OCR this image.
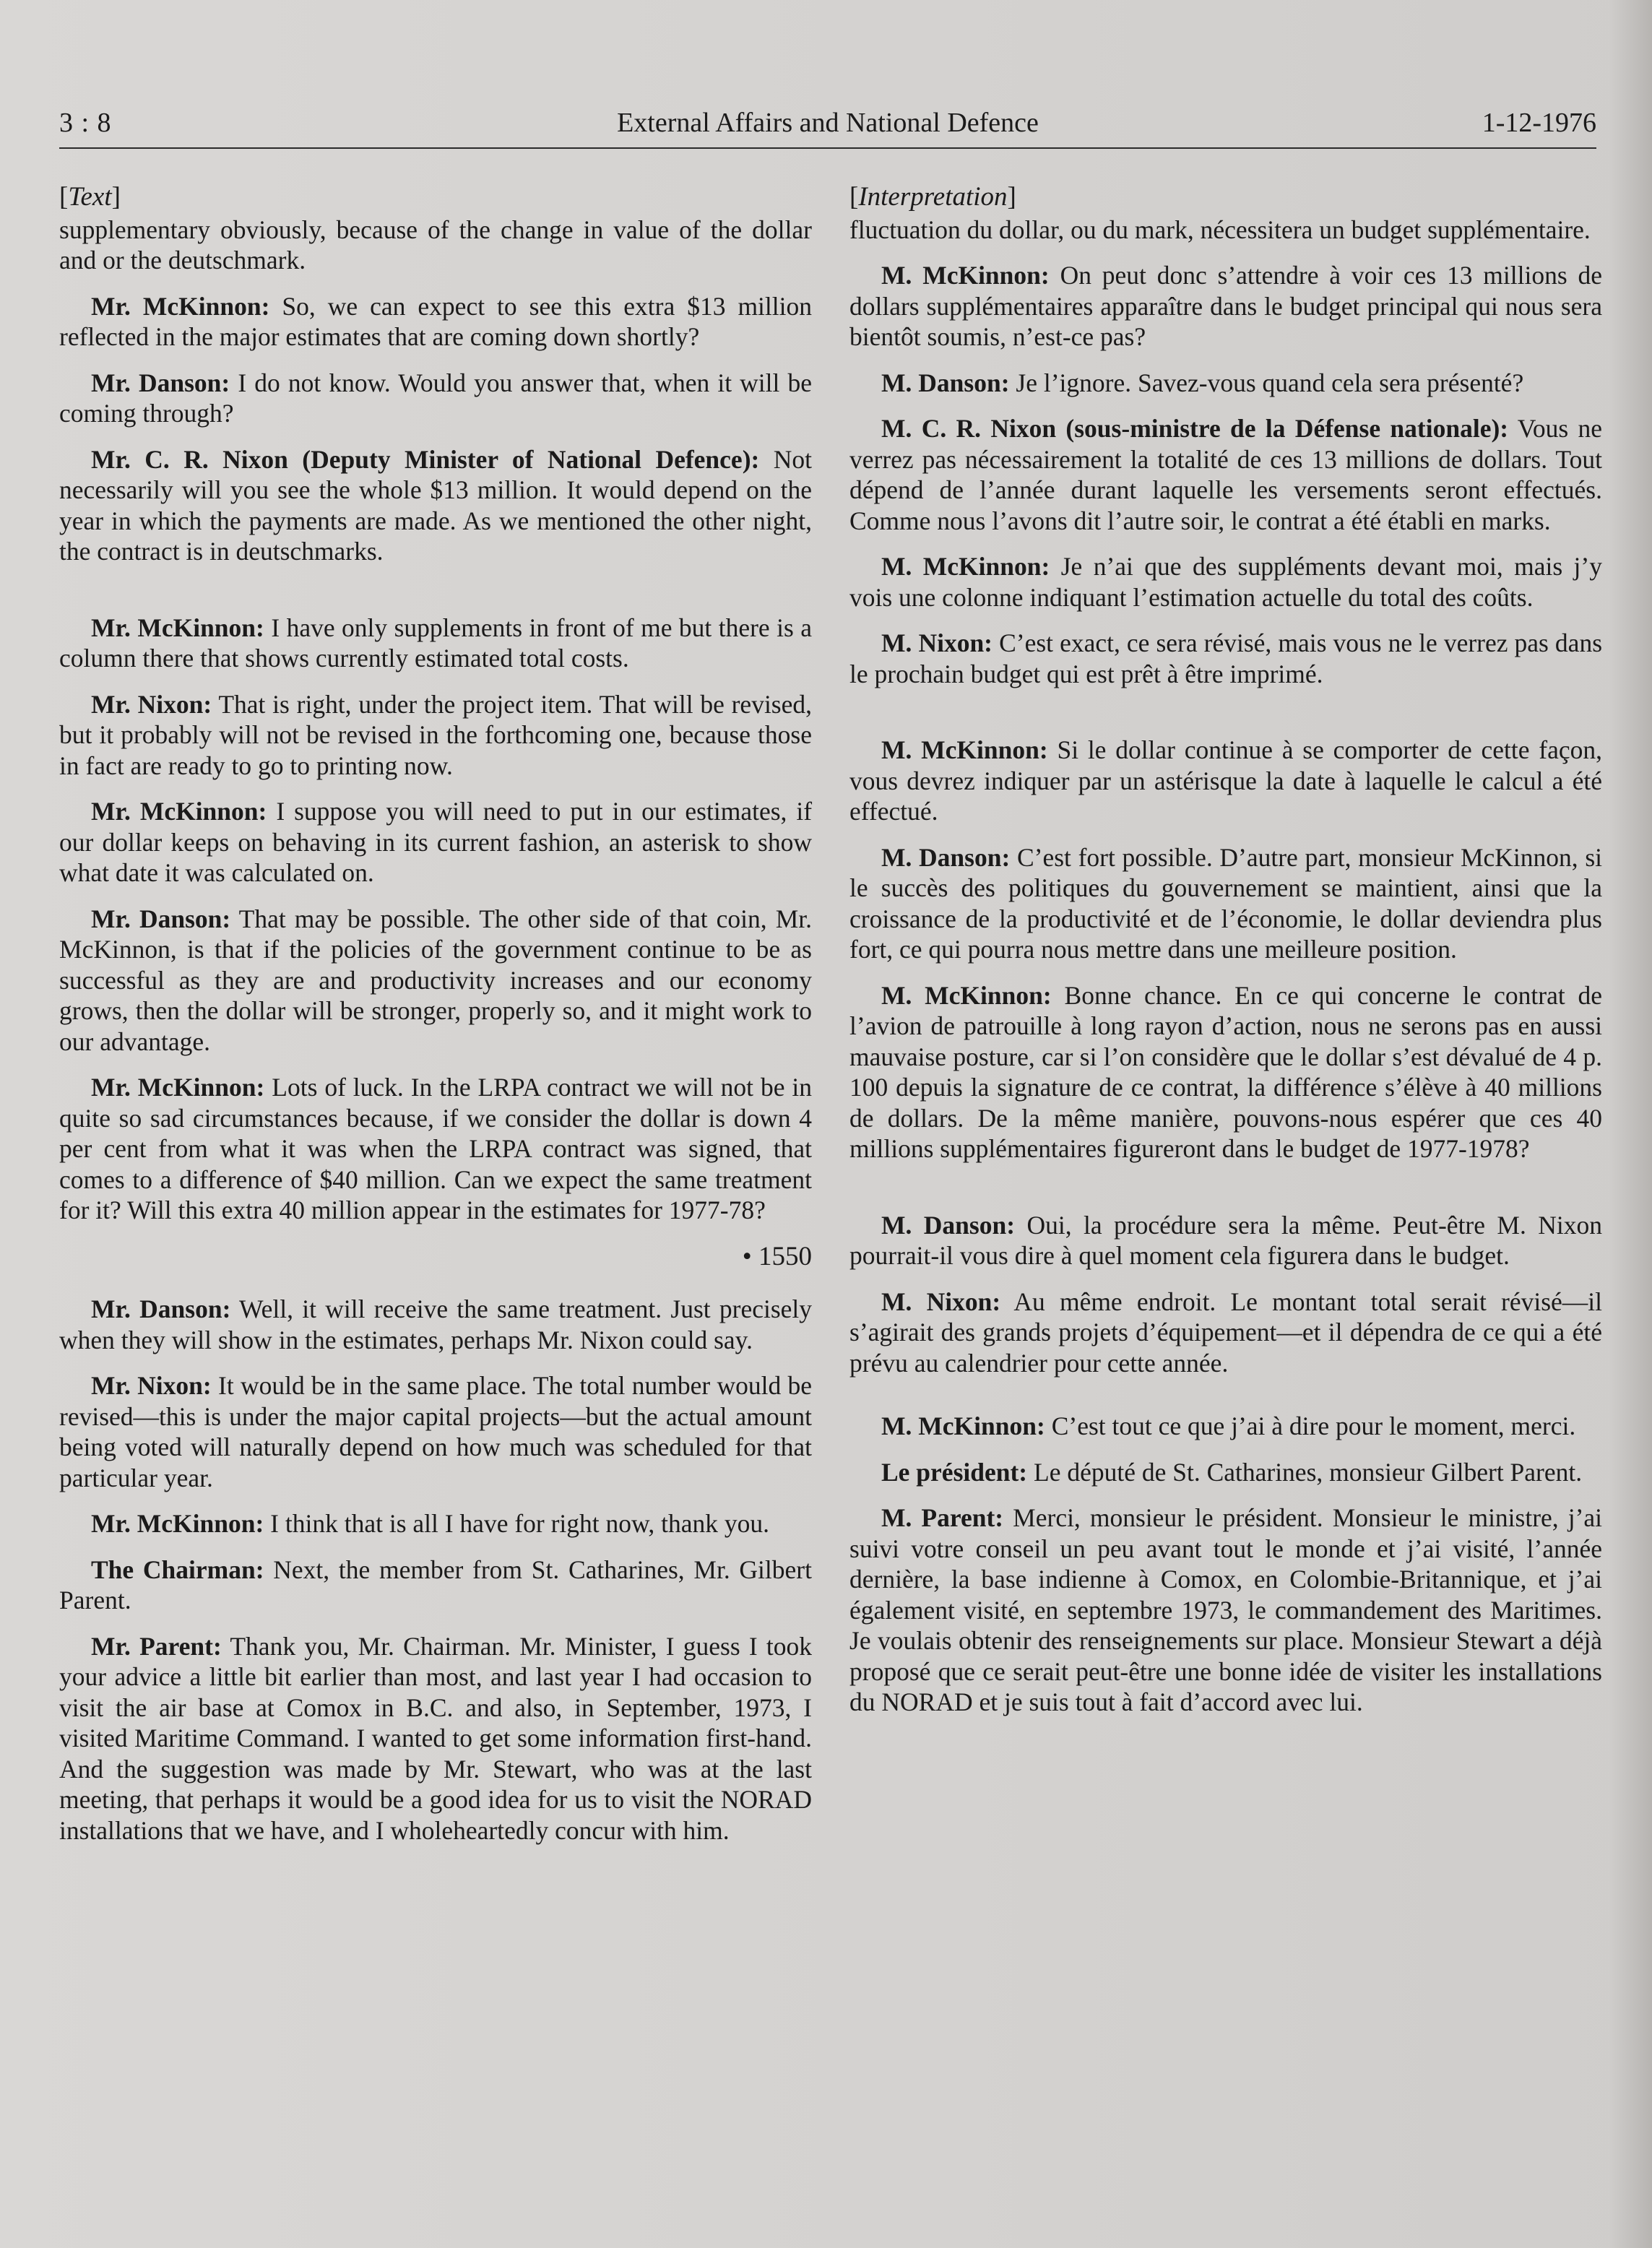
3 : 8	External Affairs and National Defence	1-12-1976
[Text]

supplementary obviously, because of the change in value of the dollar and or the deutschmark.

Mr. McKinnon: So, we can expect to see this extra $13 million reflected in the major estimates that are coming down shortly?

Mr. Danson: I do not know. Would you answer that, when it will be coming through?

Mr. C. R. Nixon (Deputy Minister of National Defence): Not necessarily will you see the whole $13 million. It would depend on the year in which the payments are made. As we mentioned the other night, the contract is in deutschmarks.

Mr. McKinnon: I have only supplements in front of me but there is a column there that shows currently estimated total costs.

Mr. Nixon: That is right, under the project item. That will be revised, but it probably will not be revised in the forthcoming one, because those in fact are ready to go to printing now.

Mr. McKinnon: I suppose you will need to put in our estimates, if our dollar keeps on behaving in its current fashion, an asterisk to show what date it was calculated on.

Mr. Danson: That may be possible. The other side of that coin, Mr. McKinnon, is that if the policies of the government continue to be as successful as they are and productivity increases and our economy grows, then the dollar will be stronger, properly so, and it might work to our advantage.

Mr. McKinnon: Lots of luck. In the LRPA contract we will not be in quite so sad circumstances because, if we consider the dollar is down 4 per cent from what it was when the LRPA contract was signed, that comes to a difference of $40 million. Can we expect the same treatment for it? Will this extra 40 million appear in the estimates for 1977-78?

• 1550

Mr. Danson: Well, it will receive the same treatment. Just precisely when they will show in the estimates, perhaps Mr. Nixon could say.

Mr. Nixon: It would be in the same place. The total number would be revised—this is under the major capital projects—but the actual amount being voted will naturally depend on how much was scheduled for that particular year.

Mr. McKinnon: I think that is all I have for right now, thank you.

The Chairman: Next, the member from St. Catharines, Mr. Gilbert Parent.

Mr. Parent: Thank you, Mr. Chairman. Mr. Minister, I guess I took your advice a little bit earlier than most, and last year I had occasion to visit the air base at Comox in B.C. and also, in September, 1973, I visited Maritime Command. I wanted to get some information first-hand. And the suggestion was made by Mr. Stewart, who was at the last meeting, that perhaps it would be a good idea for us to visit the NORAD installations that we have, and I wholeheartedly concur with him.

[Interpretation]

fluctuation du dollar, ou du mark, nécessitera un budget supplémentaire.

M. McKinnon: On peut donc s’attendre à voir ces 13 millions de dollars supplémentaires apparaître dans le budget principal qui nous sera bientôt soumis, n’est-ce pas?

M. Danson: Je l’ignore. Savez-vous quand cela sera présenté?

M. C. R. Nixon (sous-ministre de la Défense nationale): Vous ne verrez pas nécessairement la totalité de ces 13 millions de dollars. Tout dépend de l’année durant laquelle les versements seront effectués. Comme nous l’avons dit l’autre soir, le contrat a été établi en marks.

M. McKinnon: Je n’ai que des suppléments devant moi, mais j’y vois une colonne indiquant l’estimation actuelle du total des coûts.

M. Nixon: C’est exact, ce sera révisé, mais vous ne le verrez pas dans le prochain budget qui est prêt à être imprimé.

M. McKinnon: Si le dollar continue à se comporter de cette façon, vous devrez indiquer par un astérisque la date à laquelle le calcul a été effectué.

M. Danson: C’est fort possible. D’autre part, monsieur McKinnon, si le succès des politiques du gouvernement se maintient, ainsi que la croissance de la productivité et de l’économie, le dollar deviendra plus fort, ce qui pourra nous mettre dans une meilleure position.

M. McKinnon: Bonne chance. En ce qui concerne le contrat de l’avion de patrouille à long rayon d’action, nous ne serons pas en aussi mauvaise posture, car si l’on considère que le dollar s’est dévalué de 4 p. 100 depuis la signature de ce contrat, la différence s’élève à 40 millions de dollars. De la même manière, pouvons-nous espérer que ces 40 millions supplémentaires figureront dans le budget de 1977-1978?

M. Danson: Oui, la procédure sera la même. Peut-être M. Nixon pourrait-il vous dire à quel moment cela figurera dans le budget.

M. Nixon: Au même endroit. Le montant total serait révisé—il s’agirait des grands projets d’équipement—et il dépendra de ce qui a été prévu au calendrier pour cette année.

M. McKinnon: C’est tout ce que j’ai à dire pour le moment, merci.

Le président: Le député de St. Catharines, monsieur Gilbert Parent.

M. Parent: Merci, monsieur le président. Monsieur le ministre, j’ai suivi votre conseil un peu avant tout le monde et j’ai visité, l’année dernière, la base indienne à Comox, en Colombie-Britannique, et j’ai également visité, en septembre 1973, le commandement des Maritimes. Je voulais obtenir des renseignements sur place. Monsieur Stewart a déjà proposé que ce serait peut-être une bonne idée de visiter les installations du NORAD et je suis tout à fait d’accord avec lui.
